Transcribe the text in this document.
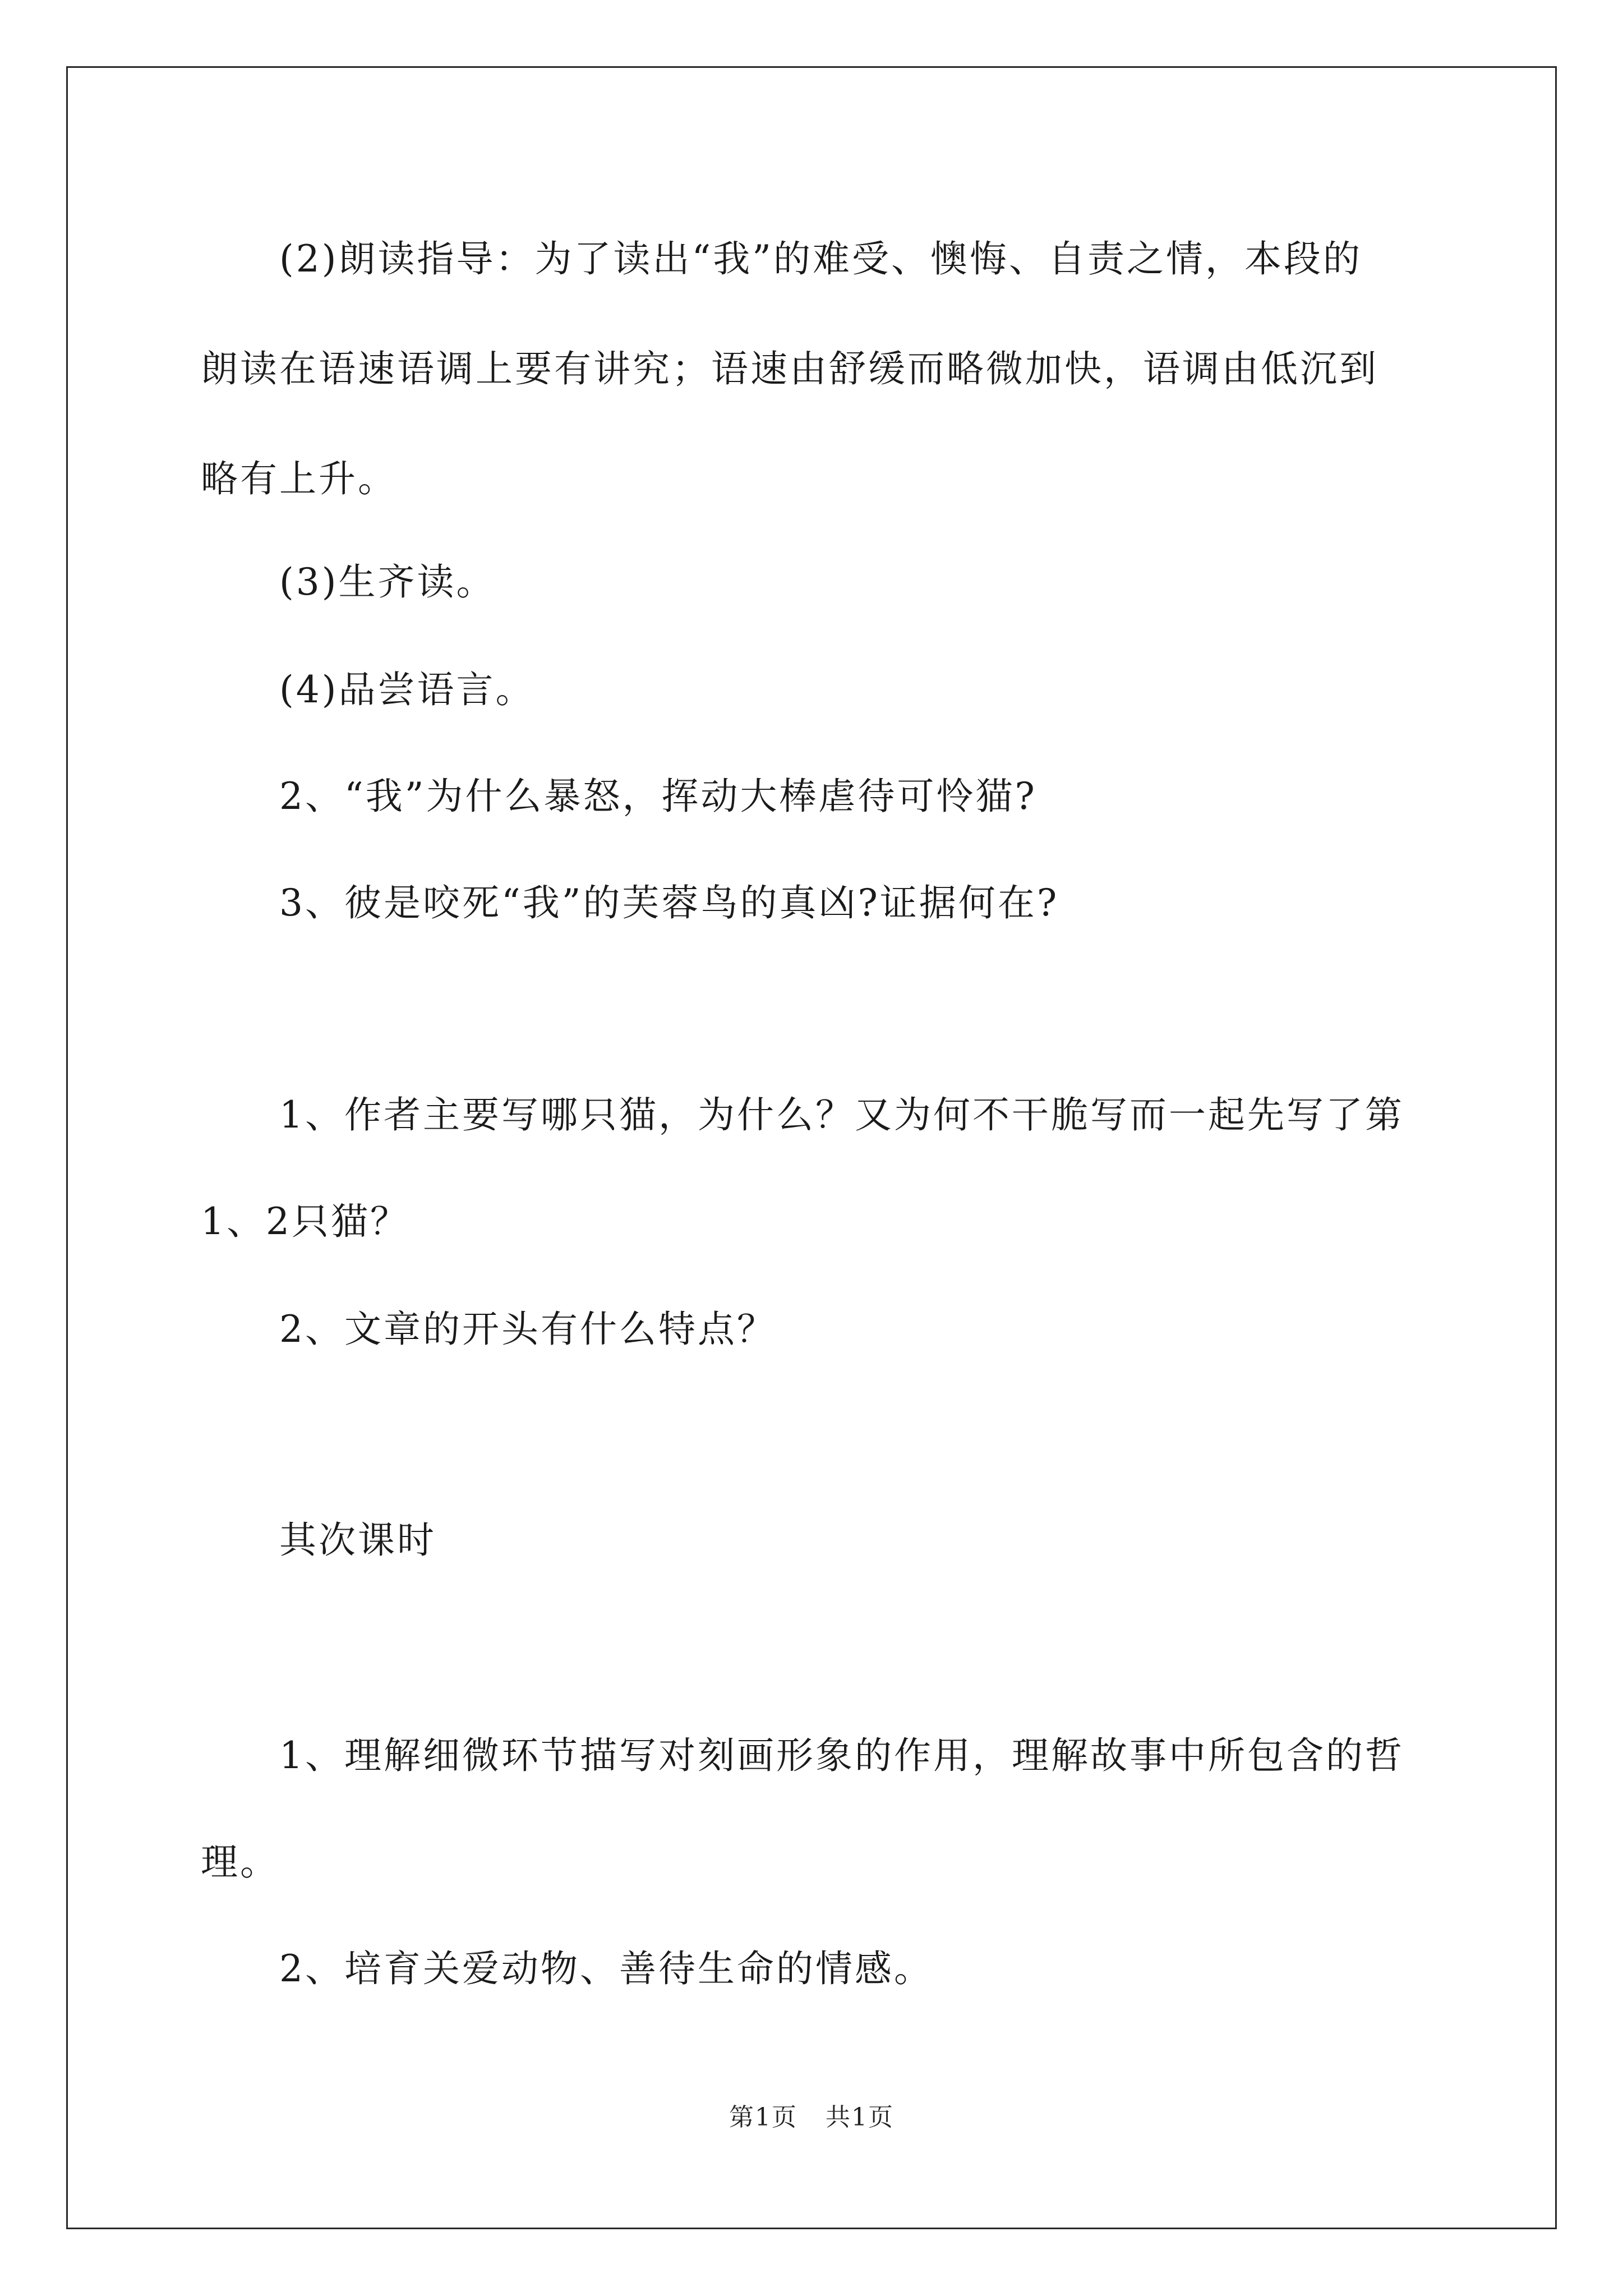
(2)朗读指导：为了读出“我”的难受、懊悔、自责之情，本段的
朗读在语速语调上要有讲究；语速由舒缓而略微加快，语调由低沉到
略有上升。
(3)生齐读。
(4)品尝语言。
2、“我”为什么暴怒，挥动大棒虐待可怜猫?
3、彼是咬死“我”的芙蓉鸟的真凶?证据何在?
1、作者主要写哪只猫，为什么？又为何不干脆写而一起先写了第
1、2只猫？
2、文章的开头有什么特点？
其次课时
1、理解细微环节描写对刻画形象的作用，理解故事中所包含的哲
理。
2、培育关爱动物、善待生命的情感。
第1页 共1页
